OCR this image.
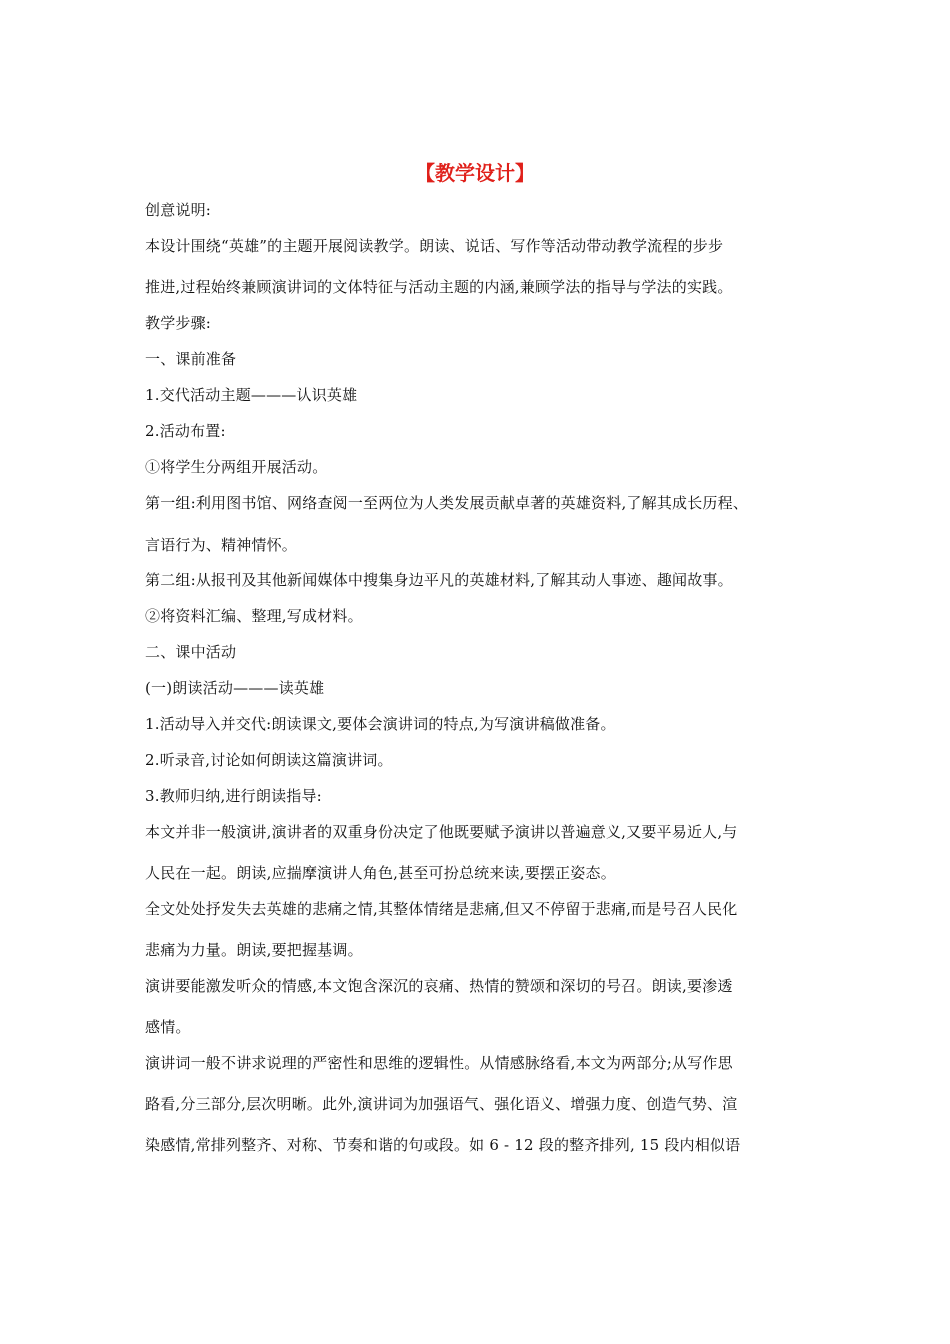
【教学设计】
创意说明:
本设计围绕“英雄”的主题开展阅读教学。朗读、说话、写作等活动带动教学流程的步步
推进,过程始终兼顾演讲词的文体特征与活动主题的内涵,兼顾学法的指导与学法的实践。
教学步骤:
一、课前准备
1.交代活动主题———认识英雄
2.活动布置:
①将学生分两组开展活动。
第一组:利用图书馆、网络查阅一至两位为人类发展贡献卓著的英雄资料,了解其成长历程、
言语行为、精神情怀。
第二组:从报刊及其他新闻媒体中搜集身边平凡的英雄材料,了解其动人事迹、趣闻故事。
②将资料汇编、整理,写成材料。
二、课中活动
(一)朗读活动———读英雄
1.活动导入并交代:朗读课文,要体会演讲词的特点,为写演讲稿做准备。
2.听录音,讨论如何朗读这篇演讲词。
3.教师归纳,进行朗读指导:
本文并非一般演讲,演讲者的双重身份决定了他既要赋予演讲以普遍意义,又要平易近人,与
人民在一起。朗读,应揣摩演讲人角色,甚至可扮总统来读,要摆正姿态。
全文处处抒发失去英雄的悲痛之情,其整体情绪是悲痛,但又不停留于悲痛,而是号召人民化
悲痛为力量。朗读,要把握基调。
演讲要能激发听众的情感,本文饱含深沉的哀痛、热情的赞颂和深切的号召。朗读,要渗透
感情。
演讲词一般不讲求说理的严密性和思维的逻辑性。从情感脉络看,本文为两部分;从写作思
路看,分三部分,层次明晰。此外,演讲词为加强语气、强化语义、增强力度、创造气势、渲
染感情,常排列整齐、对称、节奏和谐的句或段。如 6 - 12 段的整齐排列, 15 段内相似语
